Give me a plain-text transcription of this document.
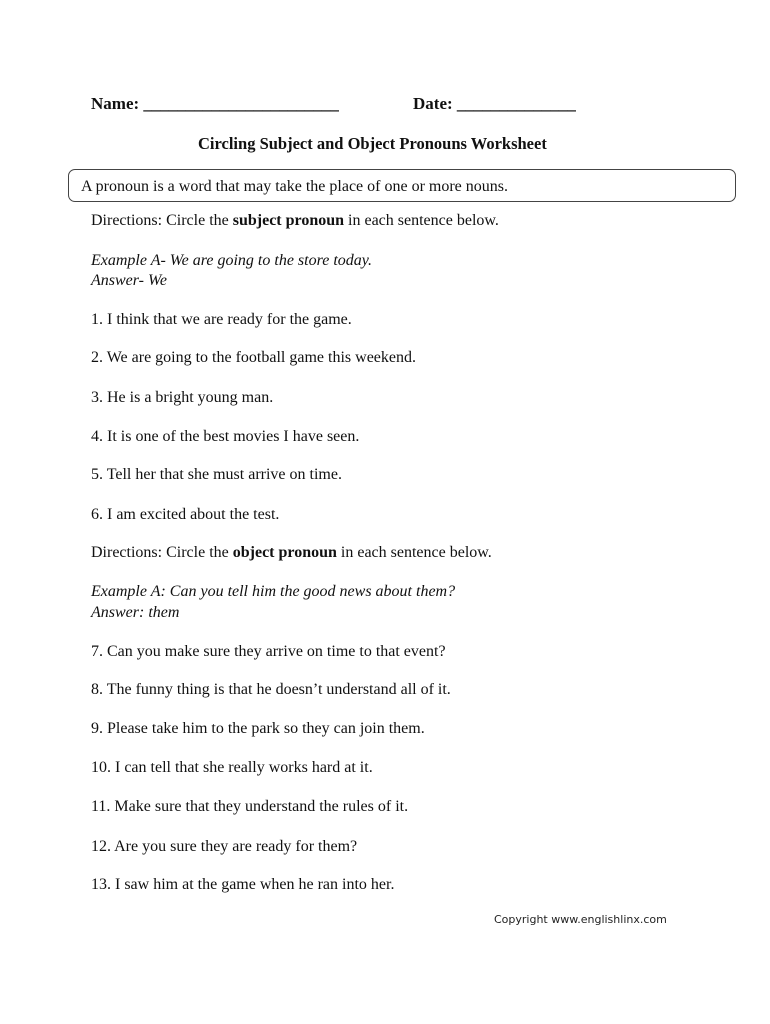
Name: _______________________	Date: ______________
Circling Subject and Object Pronouns Worksheet
A pronoun is a word that may take the place of one or more nouns.
Directions: Circle the subject pronoun in each sentence below.
Example A- We are going to the store today.
Answer- We
1. I think that we are ready for the game.
2. We are going to the football game this weekend.
3. He is a bright young man.
4. It is one of the best movies I have seen.
5. Tell her that she must arrive on time.
6. I am excited about the test.
Directions: Circle the object pronoun in each sentence below.
Example A: Can you tell him the good news about them?
Answer: them
7. Can you make sure they arrive on time to that event?
8. The funny thing is that he doesn’t understand all of it.
9. Please take him to the park so they can join them.
10. I can tell that she really works hard at it.
11. Make sure that they understand the rules of it.
12. Are you sure they are ready for them?
13. I saw him at the game when he ran into her.
Copyright www.englishlinx.com
